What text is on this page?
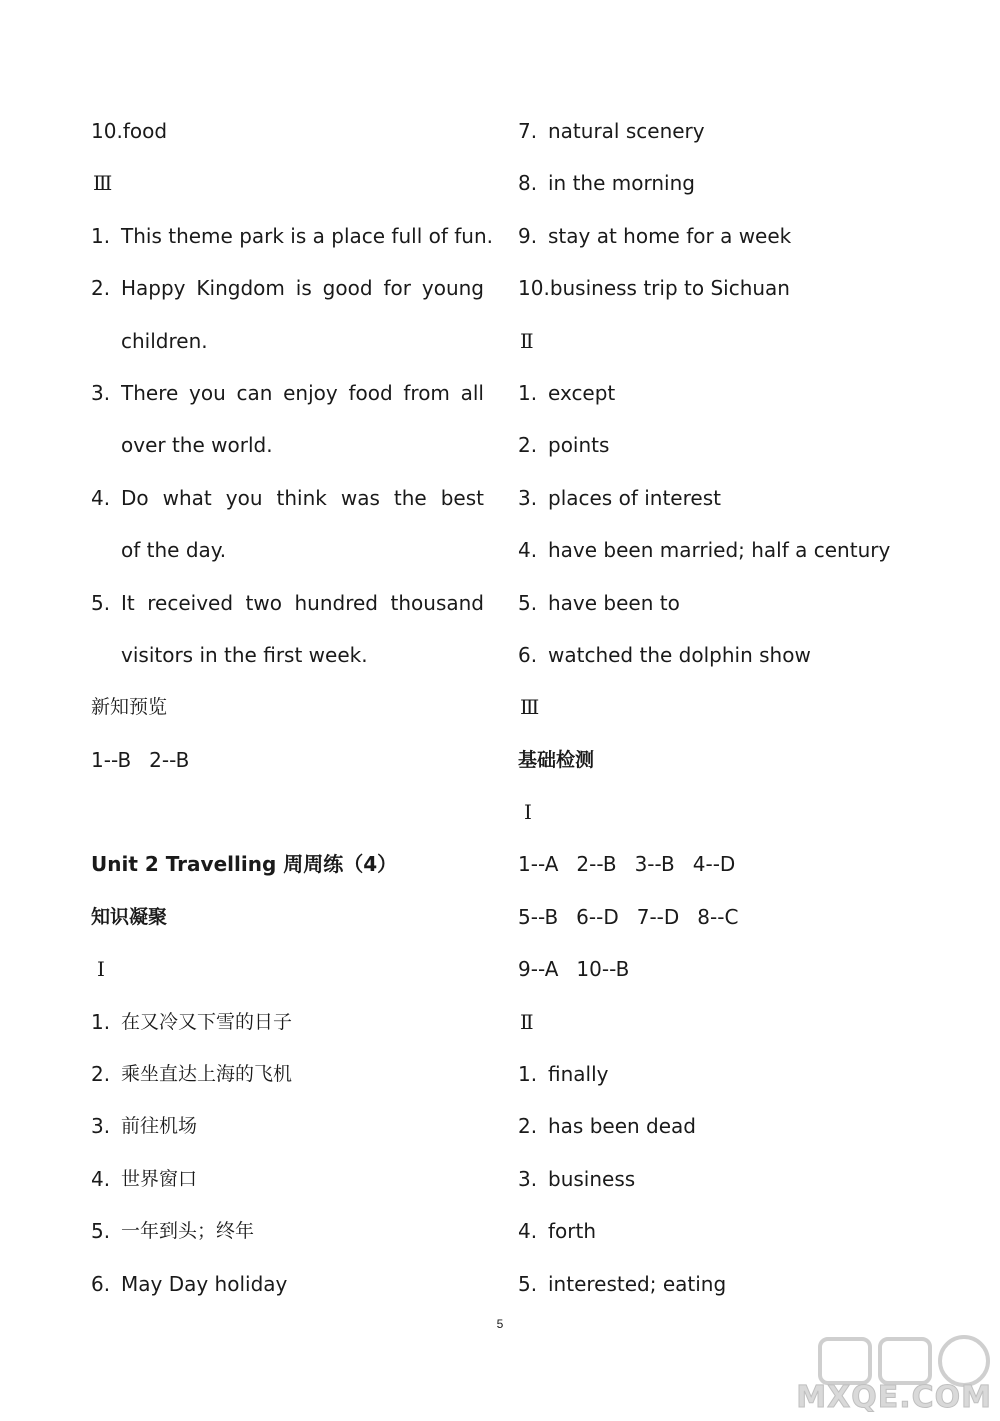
10.food
Ⅲ
1. This theme park is a place full of fun.
2. Happy Kingdom is good for young
children.
3. There you can enjoy food from all
over the world.
4. Do what you think was the best
of the day.
5. It received two hundred thousand
visitors in the first week.
新知预览
1--B 2--B
Unit 2 Travelling 周周练（4）
知识凝聚
Ⅰ
1. 在又冷又下雪的日子
2. 乘坐直达上海的飞机
3. 前往机场
4. 世界窗口
5. 一年到头；终年
6. May Day holiday
7. natural scenery
8. in the morning
9. stay at home for a week
10.business trip to Sichuan
Ⅱ
1. except
2. points
3. places of interest
4. have been married; half a century
5. have been to
6. watched the dolphin show
Ⅲ
基础检测
Ⅰ
1--A 2--B 3--B 4--D
5--B 6--D 7--D 8--C
9--A 10--B
Ⅱ
1. finally
2. has been dead
3. business
4. forth
5. interested; eating
5
MXQE.COM
